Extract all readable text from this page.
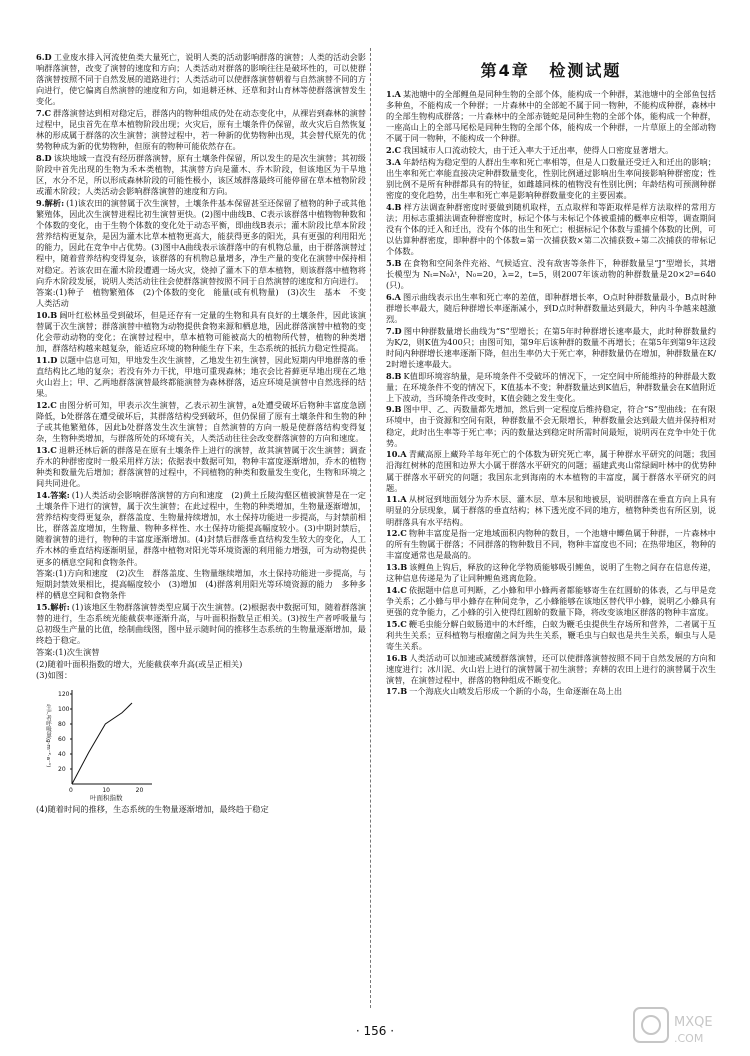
6.D 工业废水排入河流使鱼类大量死亡，说明人类的活动影响群落的演替；人类的活动会影响群落演替，改变了演替的速度和方向；人类活动对群落的影响往往是破坏性的，可以使群落演替按照不同于自然发展的道路进行；人类活动可以使群落演替朝着与自然演替不同的方向进行，使它偏离自然演替的速度和方向，如退耕还林、还草和封山育林等使群落演替发生变化。

7.C 群落演替达到相对稳定后，群落内的物种组成仍处在动态变化中，从裸岩到森林的演替过程中，昆虫首先在草本植物阶段出现；火灾后，原有土壤条件仍保留，故火灾后自然恢复林的形成属于群落的次生演替；演替过程中，若一种新的优势物种出现，其会替代原先的优势物种成为新的优势物种，但原有的物种可能依然存在。

8.D 该块地域一直没有经历群落演替，原有土壤条件保留，所以发生的是次生演替；其初级阶段中首先出现的生物为禾本类植物，其演替方向是灌木、乔木阶段，但该地区为干旱地区，水分不足，所以形成森林阶段的可能性极小，该区域群落最终可能停留在草本植物阶段或灌木阶段；人类活动会影响群落演替的速度和方向。

9.解析: (1)该农田的演替属于次生演替，土壤条件基本保留甚至还保留了植物的种子或其他繁殖体，因此次生演替进程比初生演替更快。(2)图中曲线B、C表示该群落中植物物种数和个体数的变化，由于生物个体数的变化处于动态平衡，即曲线B表示；灌木阶段比草本阶段营养结构更复杂，是因为灌木比草本植物更高大，能获得更多的阳光，具有更强的利用阳光的能力，因此在竞争中占优势。(3)图中A曲线表示该群落中的有机物总量，由于群落演替过程中，随着营养结构变得复杂，该群落的有机物总量增多，净生产量的变化在演替中保持相对稳定。若该农田在灌木阶段遭遇一场火灾，烧掉了灌木下的草本植物，则该群落中植物将向乔木阶段发展，说明人类活动往往会使群落演替按照不同于自然演替的速度和方向进行。

答案:(1)种子　植物繁殖体　(2)个体数的变化　能量(或有机物量)　(3)次生　基本　不变　人类活动

10.B 阔叶红松林虽受到破坏，但是还存有一定量的生物和具有良好的土壤条件，因此该演替属于次生演替；群落演替中植物为动物提供食物来源和栖息地，因此群落演替中植物的变化会带动动物的变化；在演替过程中，草本植物可能被高大的植物所代替，植物的种类增加，群落结构越来越复杂，能适应环境的物种能生存下来，生态系统的抵抗力稳定性提高。

11.D 以题中信息可知，甲地发生次生演替，乙地发生初生演替，因此短期内甲地群落的垂直结构比乙地的复杂；若没有外力干扰，甲地可重现森林；地衣会比苔藓更早地出现在乙地火山岩上；甲、乙两地群落演替最终都能演替为森林群落，适应环境是演替中自然选择的结果。

12.C 由图分析可知，甲表示次生演替，乙表示初生演替，a处遭受破坏后物种丰富度急剧降低，b处群落在遭受破坏后，其群落结构受到破坏，但仍保留了原有土壤条件和生物的种子或其他繁殖体，因此b处群落发生次生演替；自然演替的方向一般是使群落结构变得复杂，生物种类增加，与群落所处的环境有关，人类活动往往会改变群落演替的方向和速度。

13.C 退耕还林后新的群落是在原有土壤条件上进行的演替，故其演替属于次生演替；调查乔木的种群密度时一般采用样方法；依据表中数据可知，物种丰富度逐渐增加，乔木的植物种类和数量先后增加；群落演替的过程中，不同植物的种类和数量发生变化，生物和环境之间共同进化。

14.答案: (1)人类活动会影响群落演替的方向和速度　(2)黄土丘陵沟壑区植被演替是在一定土壤条件下进行的演替，属于次生演替；在此过程中，生物的种类增加，生物量逐渐增加，营养结构变得更复杂，群落盖度、生物量持续增加，水土保持功能进一步提高，与封禁前相比，群落盖度增加，生物量、物种多样性、水土保持功能提高幅度较小。(3)中期封禁后，随着演替的进行，物种的丰富度逐渐增加。(4)封禁后群落垂直结构发生较大的变化，人工乔木林的垂直结构逐渐明显，群落中植物对阳光等环境资源的利用能力增强，可为动物提供更多的栖息空间和食物条件。

答案:(1)方向和速度　(2)次生　群落盖度、生物量继续增加，水土保持功能进一步提高，与短期封禁效果相比，提高幅度较小　(3)增加　(4)群落利用阳光等环境资源的能力　多种多样的栖息空间和食物条件

15.解析: (1)该地区生物群落演替类型应属于次生演替。(2)根据表中数据可知，随着群落演替的进行，生态系统光能截获率逐渐升高，与叶面积指数呈正相关。(3)按生产者呼吸量与总初级生产量的比值，绘制曲线图，图中显示随时间的推移生态系统的生物量逐渐增加，最终趋于稳定。

答案:(1)次生演替

(2)随着叶面积指数的增大，光能截获率升高(或呈正相关)

(3)如图：

20
40
60
80
100
120
0	10	20
生产者呼吸量(g·m⁻²·a⁻¹)
叶面积指数

(4)随着时间的推移，生态系统的生物量逐渐增加，最终趋于稳定

第4章 检测试题

1.A 某池塘中的全部鲤鱼是同种生物的全部个体，能构成一个种群，某池塘中的全部鱼包括多种鱼，不能构成一个种群；一片森林中的全部蛇不属于同一物种，不能构成种群，森林中的全部生物构成群落；一片森林中的全部赤链蛇是同种生物的全部个体，能构成一个种群，一座高山上的全部马尾松是同种生物的全部个体，能构成一个种群，一片草原上的全部动物不属于同一物种，不能构成一个种群。

2.C 我国城市人口流动较大，由于迁入率大于迁出率，使得人口密度显著增大。

3.A 年龄结构为稳定型的人群出生率和死亡率相等，但是人口数量还受迁入和迁出的影响；出生率和死亡率能直接决定种群数量变化，性别比例通过影响出生率间接影响种群密度；性别比例不是所有种群都具有的特征，如雌雄同株的植物没有性别比例；年龄结构可预测种群密度的变化趋势，出生率和死亡率是影响种群数量变化的主要因素。

4.B 样方法调查种群密度时要做到随机取样，五点取样和等距取样是样方法取样的常用方法；用标志重捕法调查种群密度时，标记个体与未标记个体被重捕的概率应相等，调查期间没有个体的迁入和迁出，没有个体的出生和死亡；根据标记个体数与重捕个体数的比例，可以估算种群密度，即种群中的个体数=第一次捕获数×第二次捕获数÷第二次捕获的带标记个体数。

5.B 在食物和空间条件充裕、气候适宜、没有敌害等条件下，种群数量呈“J”型增长，其增长模型为 Nₜ=N₀λᵗ，N₀=20，λ=2，t=5，则2007年该动物的种群数量是20×2⁵=640(只)。

6.A 图示曲线表示出生率和死亡率的差值，即种群增长率，O点时种群数量最小，B点时种群增长率最大，随后种群增长率逐渐减小，到D点时种群数量达到最大，种内斗争越来越激烈。

7.D 图中种群数量增长曲线为“S”型增长；在第5年时种群增长速率最大，此时种群数量约为K/2，则K值为400只；由图可知，第9年后该种群的数量不再增长；在第5年到第9年这段时间内种群增长速率逐渐下降，但出生率仍大于死亡率，种群数量仍在增加，种群数量在K/2时增长速率最大。

8.B K值即环境容纳量，是环境条件不受破坏的情况下，一定空间中所能维持的种群最大数量；在环境条件不变的情况下，K值基本不变；种群数量达到K值后，种群数量会在K值附近上下波动，当环境条件改变时，K值会随之发生变化。

9.B 图中甲、乙、丙数量都先增加，然后到一定程度后维持稳定，符合“S”型曲线；在有限环境中，由于资源和空间有限，种群数量不会无限增长，种群数量会达到最大值并保持相对稳定，此时出生率等于死亡率；丙的数量达到稳定时所需时间最短，说明丙在竞争中处于优势。

10.A 青藏高原上藏羚羊每年死亡的个体数为研究死亡率，属于种群水平研究的问题；我国沿海红树林的范围和边界大小属于群落水平研究的问题；福建武夷山常绿阔叶林中的优势种属于群落水平研究的问题；我国东北到海南的木本植物的丰富度，属于群落水平研究的问题。

11.A 从树冠到地面划分为乔木层、灌木层、草本层和地被层，说明群落在垂直方向上具有明显的分层现象，属于群落的垂直结构；林下透光度不同的地方，植物种类也有所区别，说明群落具有水平结构。

12.C 物种丰富度是指一定地域面积内物种的数目，一个池塘中鲫鱼属于种群，一片森林中的所有生物属于群落；不同群落的物种数目不同，物种丰富度也不同；在热带地区，物种的丰富度通常也是最高的。

13.B 该鲤鱼上钩后，释放的这种化学物质能够吸引鲤鱼，说明了生物之间存在信息传递，这种信息传递是为了让同种鲤鱼逃离危险。

14.C 依据题中信息可判断，乙小蜂和甲小蜂两者都能够寄生在红圆蚧的体表，乙与甲是竞争关系；乙小蜂与甲小蜂存在种间竞争，乙小蜂能够在该地区替代甲小蜂，说明乙小蜂具有更强的竞争能力，乙小蜂的引入使得红圆蚧的数量下降，将改变该地区群落的物种丰富度。

15.C 鞭毛虫能分解白蚁肠道中的木纤维，白蚁为鞭毛虫提供生存场所和营养，二者属于互利共生关系；豆科植物与根瘤菌之间为共生关系，鞭毛虫与白蚁也是共生关系，蛔虫与人是寄生关系。

16.B 人类活动可以加速或减缓群落演替，还可以使群落演替按照不同于自然发展的方向和速度进行；冰川泥、火山岩上进行的演替属于初生演替；弃耕的农田上进行的演替属于次生演替，在演替过程中，群落的物种组成不断变化。

17.B 一个海底火山喷发后形成一个新的小岛，生命逐渐在岛上出

· 156 ·
MXQE
.COM
